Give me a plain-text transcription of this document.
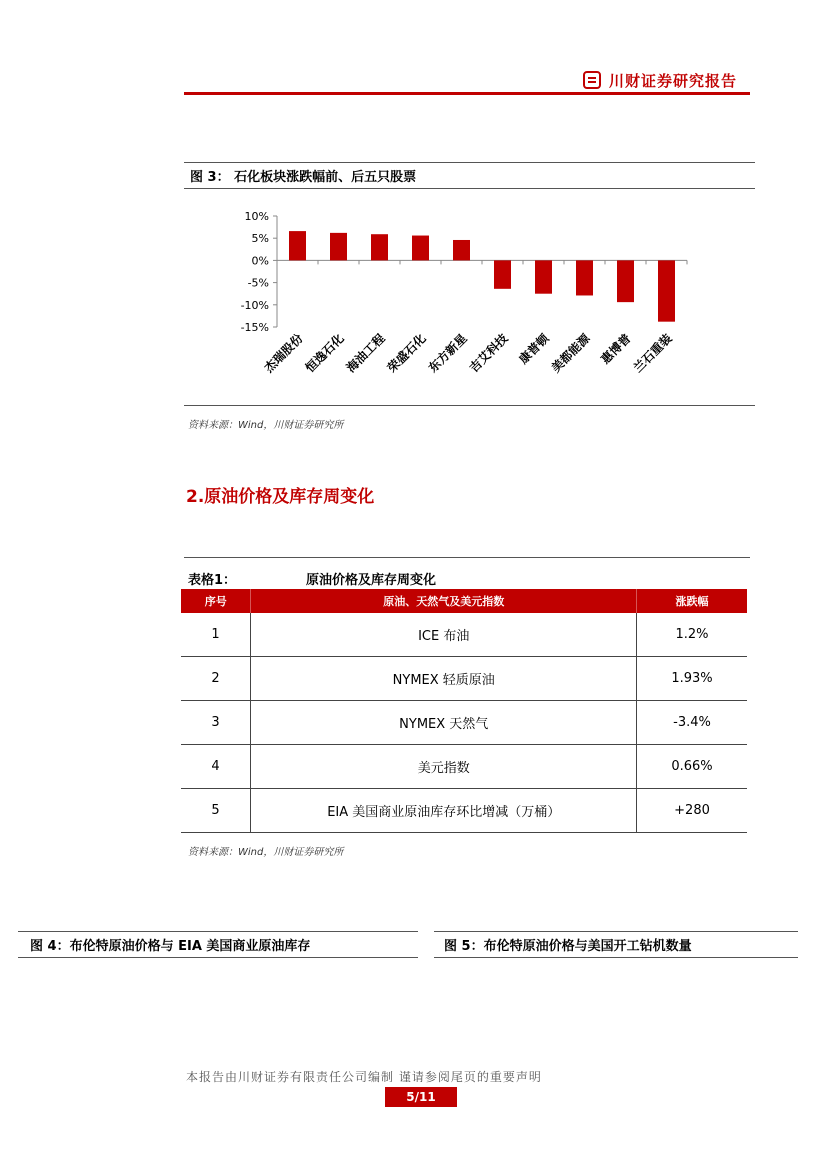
川财证券研究报告
图 3： 石化板块涨跌幅前、后五只股票
10%
5%
0%
-5%
-10%
-15%
杰瑞股份
恒逸石化
海油工程
荣盛石化
东方新星
吉艾科技 康普顿
美都能源 惠博普
兰石重装
资料来源：Wind，川财证券研究所
2.原油价格及库存周变化
表格1：	原油价格及库存周变化
序号	原油、天然气及美元指数	涨跌幅
1	ICE 布油	1.2%
2	NYMEX 轻质原油	1.93%
3	NYMEX 天然气	-3.4%
4	美元指数	0.66%
5	EIA 美国商业原油库存环比增减（万桶）	+280
资料来源：Wind，川财证券研究所
图 4：布伦特原油价格与 EIA 美国商业原油库存	图 5：布伦特原油价格与美国开工钻机数量
本报告由川财证券有限责任公司编制 谨请参阅尾页的重要声明
5/11
